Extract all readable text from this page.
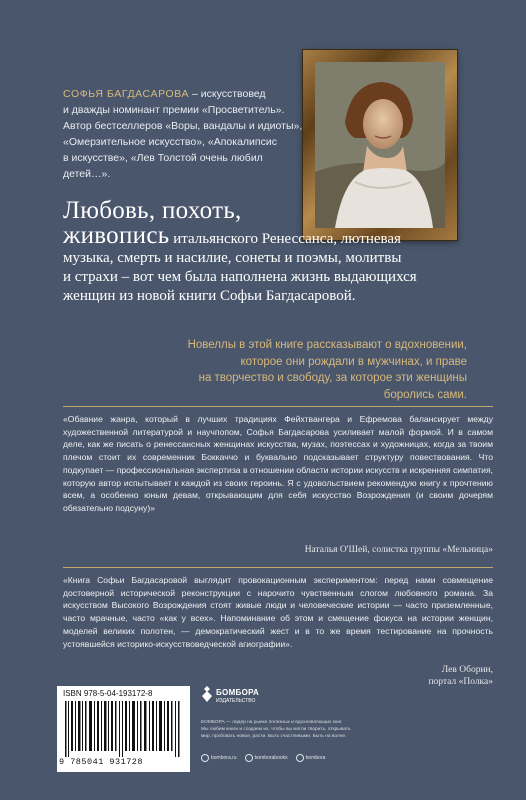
СОФЬЯ БАГДАСАРОВА – искусствовед
и дважды номинант премии «Просветитель».
Автор бестселлеров «Воры, вандалы и идиоты»,
«Омерзительное искусство», «Апокалипсис
в искусстве», «Лев Толстой очень любил детей…».
Любовь, похоть,
живопись итальянского Ренессанса, лютневая
музыка, смерть и насилие, сонеты и поэмы, молитвы
и страхи – вот чем была наполнена жизнь выдающихся
женщин из новой книги Софьи Багдасаровой.
Новеллы в этой книге рассказывают о вдохновении,
которое они рождали в мужчинах, и праве
на творчество и свободу, за которое эти женщины
боролись сами.
«Обавние жанра, который в лучших традициях Фейхтвангера и Ефремова балансирует между художественной литературой и научпопом, Софья Багдасарова усиливает малой формой. И в самом деле, как же писать о ренессансных женщинах искусства, музах, поэтессах и художницах, когда за твоим плечом стоит их современник Боккаччо и буквально подсказывает структуру повествования. Что подкупает — профессиональная экспертиза в отношении области истории искусств и искренняя симпатия, которую автор испытывает к каждой из своих героинь. Я с удовольствием рекомендую книгу к прочтению всем, а особенно юным девам, открывающим для себя искусство Возрождения (и своим дочерям обязательно подсуну)»
Наталья О'Шей, солистка группы «Мельница»
«Книга Софьи Багдасаровой выглядит провокационным экспериментом: перед нами совмещение достоверной исторической реконструкции с нарочито чувственным слогом любовного романа. За искусством Высокого Возрождения стоят живые люди и человеческие истории — часто приземленные, часто мрачные, часто «как у всех». Напоминание об этом и смещение фокуса на истории женщин, моделей великих полотен, — демократический жест и в то же время тестирование на прочность устоявшейся историко-искусствоведческой агиографии».
Лев Оборин,
портал «Полка»
ISBN 978-5-04-193172-8
9 785041 931728
БОМБОРА
ИЗДАТЕЛЬСТВО
БОМБОРА — лидер на рынке полезных и вдохновляющих книг.
Мы любим книги и создаем их, чтобы вы могли творить, открывать
мир, пробовать новое, расти. Быть счастливыми. Быть на волне.
bombora.ru	bomborabooks	bombora
